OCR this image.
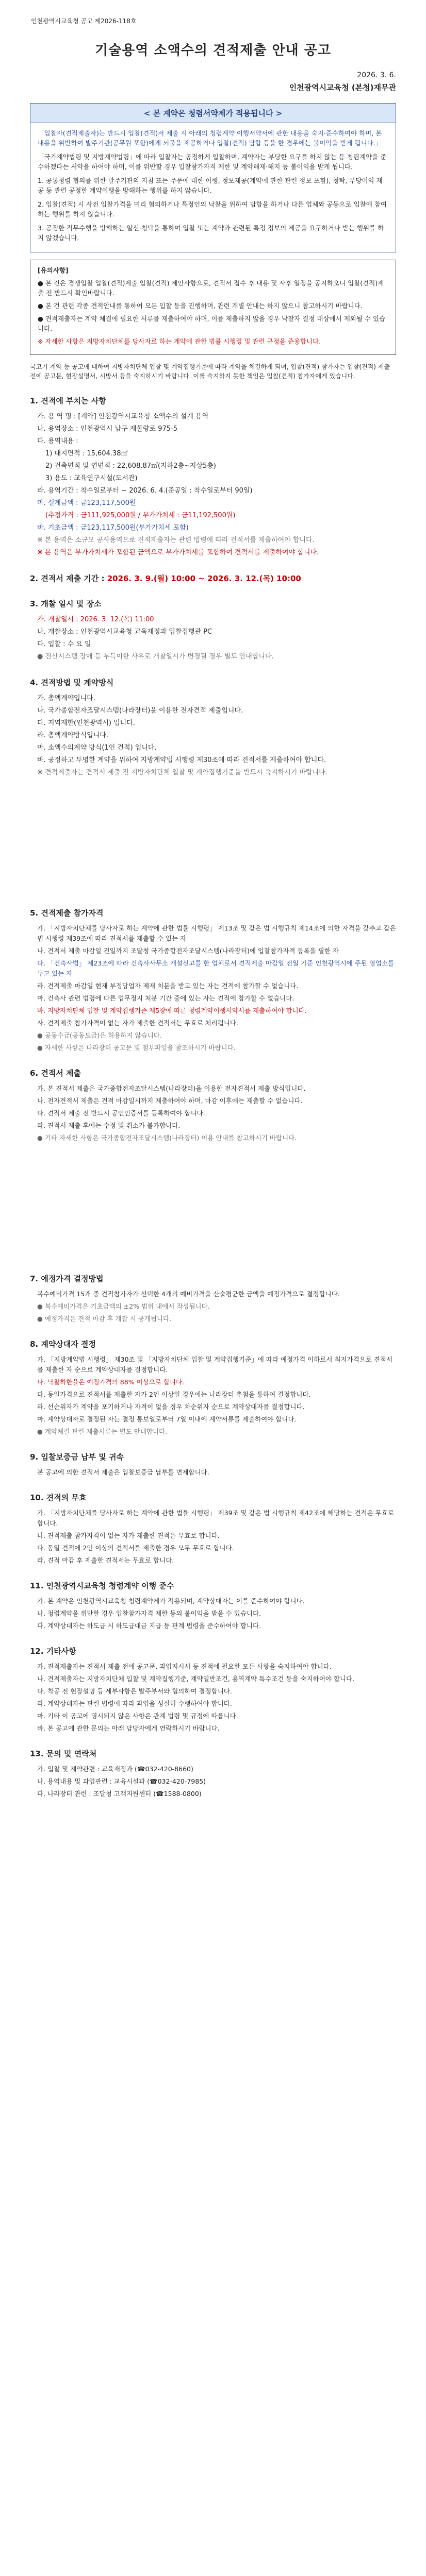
인천광역시교육청 공고 제2026-118호
기술용역 소액수의 견적제출 안내 공고
2026. 3. 6.
인천광역시교육청 (본청)재무관
< 본 계약은 청렴서약제가 적용됩니다 >

「입찰자(견적제출자)는 반드시 입찰(견적)서 제출 시 아래의 청렴계약 이행서약서에 관한 내용을 숙지·준수하여야 하며, 본 내용을 위반하여 발주기관(공무원 포함)에게 뇌물을 제공하거나 입찰(견적) 담합 등을 한 경우에는 불이익을 받게 됩니다.」

「국가계약법령 및 지방계약법령」에 따라 입찰자는 공정하게 입찰하며, 계약자는 부당한 요구를 하지 않는 등 청렴계약을 준수하겠다는 서약을 하여야 하며, 이를 위반할 경우 입찰참가자격 제한 및 계약해제·해지 등 불이익을 받게 됩니다.

1. 공통청렴 협의를 위한 발주기관의 지침 또는 주문에 대한 이행, 정보제공(계약에 관한 관련 정보 포함), 청탁, 부당이익 제공 등 관련 공정한 계약이행을 방해하는 행위를 하지 않습니다.

2. 입찰(견적) 시 사전 입찰가격을 미리 협의하거나 특정인의 낙찰을 위하여 담합을 하거나 다른 업체와 공동으로 입찰에 참여하는 행위를 하지 않습니다.

3. 공정한 직무수행을 방해하는 알선·청탁을 통하여 입찰 또는 계약과 관련된 특정 정보의 제공을 요구하거나 받는 행위를 하지 않겠습니다.

[유의사항]

● 본 건은 경쟁입찰 입찰(견적)제출 입찰(견적) 제안사항으로, 견적서 접수 후 내용 및 사후 일정을 공지하오니 입찰(견적)제출 전 반드시 확인바랍니다.

● 본 건 관련 각종 견적안내를 통하여 모든 입찰 등을 진행하며, 관련 개별 안내는 하지 않으니 참고하시기 바랍니다.

● 견적제출자는 계약 체결에 필요한 서류를 제출하여야 하며, 이를 제출하지 않을 경우 낙찰자 결정 대상에서 제외될 수 있습니다.

※ 자세한 사항은 지방자치단체를 당사자로 하는 계약에 관한 법률 시행령 및 관련 규정을 준용합니다.

국고기 계약 등 공고에 대하여 지방자치단체 입찰 및 계약집행기준에 따라 계약을 체결하게 되며, 입찰(견적) 참가자는 입찰(견적) 제출 전에 공고문, 현장설명서, 시방서 등을 숙지하시기 바랍니다. 이를 숙지하지 못한 책임은 입찰(견적) 참가자에게 있습니다.
1. 견적에 부치는 사항
가. 용 역 명 : [계약] 인천광역시교육청 소액수의 설계 용역
나. 용역장소 : 인천광역시 남구 제물량로 975-5
다. 용역내용 :
1) 대지면적 : 15,604.38㎡
2) 건축면적 및 연면적 : 22,608.87㎡(지하2층~지상5층)
3) 용도 : 교육연구시설(도서관)
라. 용역기간 : 착수일로부터 ~ 2026. 6. 4.(준공일 : 착수일로부터 90일)
마. 설계금액 : 금123,117,500원
(추정가격 : 금111,925,000원 / 부가가치세 : 금11,192,500원)
바. 기초금액 : 금123,117,500원(부가가치세 포함)
※ 본 용역은 소규모 공사용역으로 견적제출자는 관련 법령에 따라 견적서를 제출하여야 합니다.
※ 본 용역은 부가가치세가 포함된 금액으로 부가가치세를 포함하여 견적서를 제출하여야 합니다.
2. 견적서 제출 기간 : 2026. 3. 9.(월) 10:00 ~ 2026. 3. 12.(목) 10:00
3. 개찰 일시 및 장소
가. 개찰일시 : 2026. 3. 12.(목) 11:00
나. 개찰장소 : 인천광역시교육청 교육재정과 입찰집행관 PC
다. 입찰 : 수 요 일
● 전산시스템 장애 등 부득이한 사유로 개찰일시가 변경될 경우 별도 안내합니다.
4. 견적방법 및 계약방식
가. 총액계약입니다.
나. 국가종합전자조달시스템(나라장터)을 이용한 전자견적 제출입니다.
다. 지역제한(인천광역시) 입니다.
라. 총액계약방식입니다.
마. 소액수의계약 방식(1인 견적) 입니다.
바. 공정하고 투명한 계약을 위하여 지방계약법 시행령 제30조에 따라 견적서를 제출하여야 합니다.
※ 견적제출자는 견적서 제출 전 지방자치단체 입찰 및 계약집행기준을 반드시 숙지하시기 바랍니다.
5. 견적제출 참가자격
가. 「지방자치단체를 당사자로 하는 계약에 관한 법률 시행령」 제13조 및 같은 법 시행규칙 제14조에 의한 자격을 갖추고 같은 법 시행령 제39조에 따라 견적서를 제출할 수 있는 자
나. 견적서 제출 마감일 전일까지 조달청 국가종합전자조달시스템(나라장터)에 입찰참가자격 등록을 필한 자
다. 「건축사법」 제23조에 따라 건축사사무소 개설신고를 한 업체로서 견적제출 마감일 전일 기준 인천광역시에 주된 영업소를 두고 있는 자
라. 견적제출 마감일 현재 부정당업자 제재 처분을 받고 있는 자는 견적에 참가할 수 없습니다.
마. 건축사 관련 법령에 따른 업무정지 처분 기간 중에 있는 자는 견적에 참가할 수 없습니다.
바. 지방자치단체 입찰 및 계약집행기준 제5장에 따른 청렴계약이행서약서를 제출하여야 합니다.
사. 견적제출 참가자격이 없는 자가 제출한 견적서는 무효로 처리됩니다.
● 공동수급(공동도급)은 허용하지 않습니다.
● 자세한 사항은 나라장터 공고문 및 첨부파일을 참조하시기 바랍니다.
6. 견적서 제출
가. 본 견적서 제출은 국가종합전자조달시스템(나라장터)을 이용한 전자견적서 제출 방식입니다.
나. 전자견적서 제출은 견적 마감일시까지 제출하여야 하며, 마감 이후에는 제출할 수 없습니다.
다. 견적서 제출 전 반드시 공인인증서를 등록하여야 합니다.
라. 견적서 제출 후에는 수정 및 취소가 불가합니다.
● 기타 자세한 사항은 국가종합전자조달시스템(나라장터) 이용 안내를 참고하시기 바랍니다.
7. 예정가격 결정방법
복수예비가격 15개 중 견적참가자가 선택한 4개의 예비가격을 산술평균한 금액을 예정가격으로 결정합니다.
● 복수예비가격은 기초금액의 ±2% 범위 내에서 작성됩니다.
● 예정가격은 견적 마감 후 개찰 시 공개됩니다.
8. 계약상대자 결정
가. 「지방계약법 시행령」 제30조 및 「지방자치단체 입찰 및 계약집행기준」에 따라 예정가격 이하로서 최저가격으로 견적서를 제출한 자 순으로 계약상대자를 결정합니다.
나. 낙찰하한율은 예정가격의 88% 이상으로 합니다.
다. 동일가격으로 견적서를 제출한 자가 2인 이상일 경우에는 나라장터 추첨을 통하여 결정합니다.
라. 선순위자가 계약을 포기하거나 자격이 없을 경우 차순위자 순으로 계약상대자를 결정합니다.
마. 계약상대자로 결정된 자는 결정 통보일로부터 7일 이내에 계약서류를 제출하여야 합니다.
● 계약체결 관련 제출서류는 별도 안내합니다.
9. 입찰보증금 납부 및 귀속
본 공고에 의한 견적서 제출은 입찰보증금 납부를 면제합니다.
10. 견적의 무효
가. 「지방자치단체를 당사자로 하는 계약에 관한 법률 시행령」 제39조 및 같은 법 시행규칙 제42조에 해당하는 견적은 무효로 합니다.
나. 견적제출 참가자격이 없는 자가 제출한 견적은 무효로 합니다.
다. 동일 견적에 2인 이상의 견적서를 제출한 경우 모두 무효로 합니다.
라. 견적 마감 후 제출한 견적서는 무효로 합니다.
11. 인천광역시교육청 청렴계약 이행 준수
가. 본 계약은 인천광역시교육청 청렴계약제가 적용되며, 계약상대자는 이를 준수하여야 합니다.
나. 청렴계약을 위반한 경우 입찰참가자격 제한 등의 불이익을 받을 수 있습니다.
다. 계약상대자는 하도급 시 하도급대금 지급 등 관계 법령을 준수하여야 합니다.
12. 기타사항
가. 견적제출자는 견적서 제출 전에 공고문, 과업지시서 등 견적에 필요한 모든 사항을 숙지하여야 합니다.
나. 견적제출자는 지방자치단체 입찰 및 계약집행기준, 계약일반조건, 용역계약 특수조건 등을 숙지하여야 합니다.
다. 착공 전 현장설명 등 세부사항은 발주부서와 협의하여 결정합니다.
라. 계약상대자는 관련 법령에 따라 과업을 성실히 수행하여야 합니다.
마. 기타 이 공고에 명시되지 않은 사항은 관계 법령 및 규정에 따릅니다.
바. 본 공고에 관한 문의는 아래 담당자에게 연락하시기 바랍니다.
13. 문의 및 연락처
가. 입찰 및 계약관련 : 교육재정과 (☎032-420-8660)
나. 용역내용 및 과업관련 : 교육시설과 (☎032-420-7985)
다. 나라장터 관련 : 조달청 고객지원센터 (☎1588-0800)
